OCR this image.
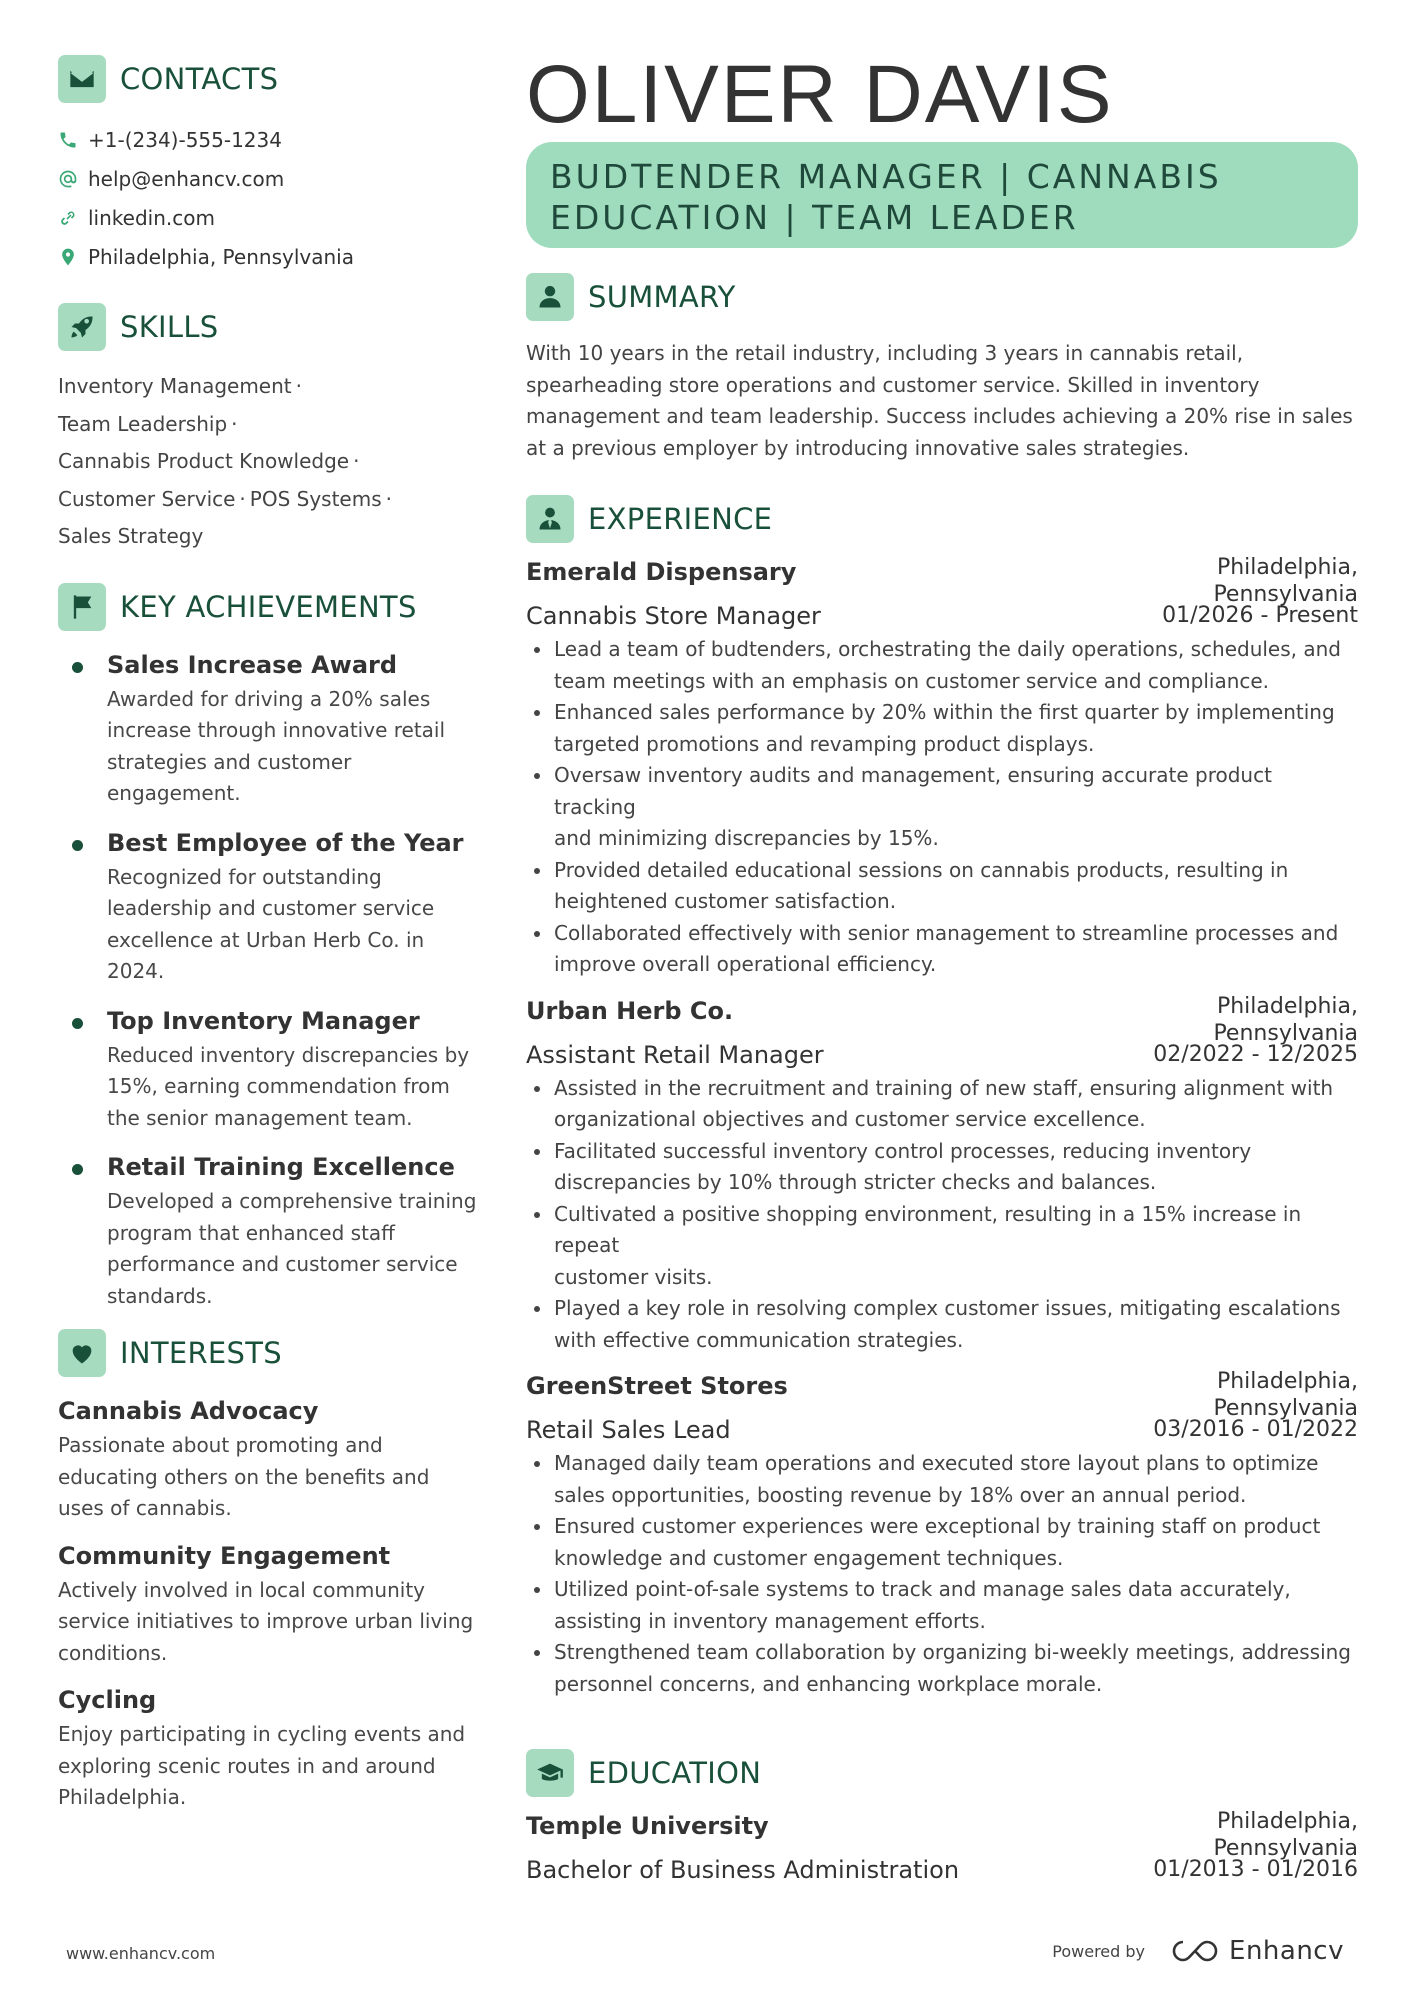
CONTACTS
+1-(234)-555-1234
help@enhancv.com
linkedin.com
Philadelphia, Pennsylvania
SKILLS
Inventory Management ·
Team Leadership ·
Cannabis Product Knowledge ·
Customer Service · POS Systems ·
Sales Strategy
KEY ACHIEVEMENTS
Sales Increase Award
Awarded for driving a 20% sales
increase through innovative retail
strategies and customer
engagement.
Best Employee of the Year
Recognized for outstanding
leadership and customer service
excellence at Urban Herb Co. in
2024.
Top Inventory Manager
Reduced inventory discrepancies by
15%, earning commendation from
the senior management team.
Retail Training Excellence
Developed a comprehensive training
program that enhanced staff
performance and customer service
standards.
INTERESTS
Cannabis Advocacy
Passionate about promoting and
educating others on the benefits and
uses of cannabis.
Community Engagement
Actively involved in local community
service initiatives to improve urban living
conditions.
Cycling
Enjoy participating in cycling events and
exploring scenic routes in and around
Philadelphia.
OLIVER DAVIS
BUDTENDER MANAGER | CANNABIS
EDUCATION | TEAM LEADER
SUMMARY
With 10 years in the retail industry, including 3 years in cannabis retail,
spearheading store operations and customer service. Skilled in inventory
management and team leadership. Success includes achieving a 20% rise in sales
at a previous employer by introducing innovative sales strategies.
EXPERIENCE
Emerald Dispensary	Philadelphia,
Pennsylvania
Cannabis Store Manager	01/2026 - Present
Lead a team of budtenders, orchestrating the daily operations, schedules, and
team meetings with an emphasis on customer service and compliance.
Enhanced sales performance by 20% within the first quarter by implementing
targeted promotions and revamping product displays.
Oversaw inventory audits and management, ensuring accurate product tracking
and minimizing discrepancies by 15%.
Provided detailed educational sessions on cannabis products, resulting in
heightened customer satisfaction.
Collaborated effectively with senior management to streamline processes and
improve overall operational efficiency.
Urban Herb Co.	Philadelphia,
Pennsylvania
Assistant Retail Manager	02/2022 - 12/2025
Assisted in the recruitment and training of new staff, ensuring alignment with
organizational objectives and customer service excellence.
Facilitated successful inventory control processes, reducing inventory
discrepancies by 10% through stricter checks and balances.
Cultivated a positive shopping environment, resulting in a 15% increase in repeat
customer visits.
Played a key role in resolving complex customer issues, mitigating escalations
with effective communication strategies.
GreenStreet Stores	Philadelphia,
Pennsylvania
Retail Sales Lead	03/2016 - 01/2022
Managed daily team operations and executed store layout plans to optimize
sales opportunities, boosting revenue by 18% over an annual period.
Ensured customer experiences were exceptional by training staff on product
knowledge and customer engagement techniques.
Utilized point-of-sale systems to track and manage sales data accurately,
assisting in inventory management efforts.
Strengthened team collaboration by organizing bi-weekly meetings, addressing
personnel concerns, and enhancing workplace morale.
EDUCATION
Temple University	Philadelphia,
Pennsylvania
Bachelor of Business Administration	01/2013 - 01/2016
www.enhancv.com	Powered by	Enhancv
